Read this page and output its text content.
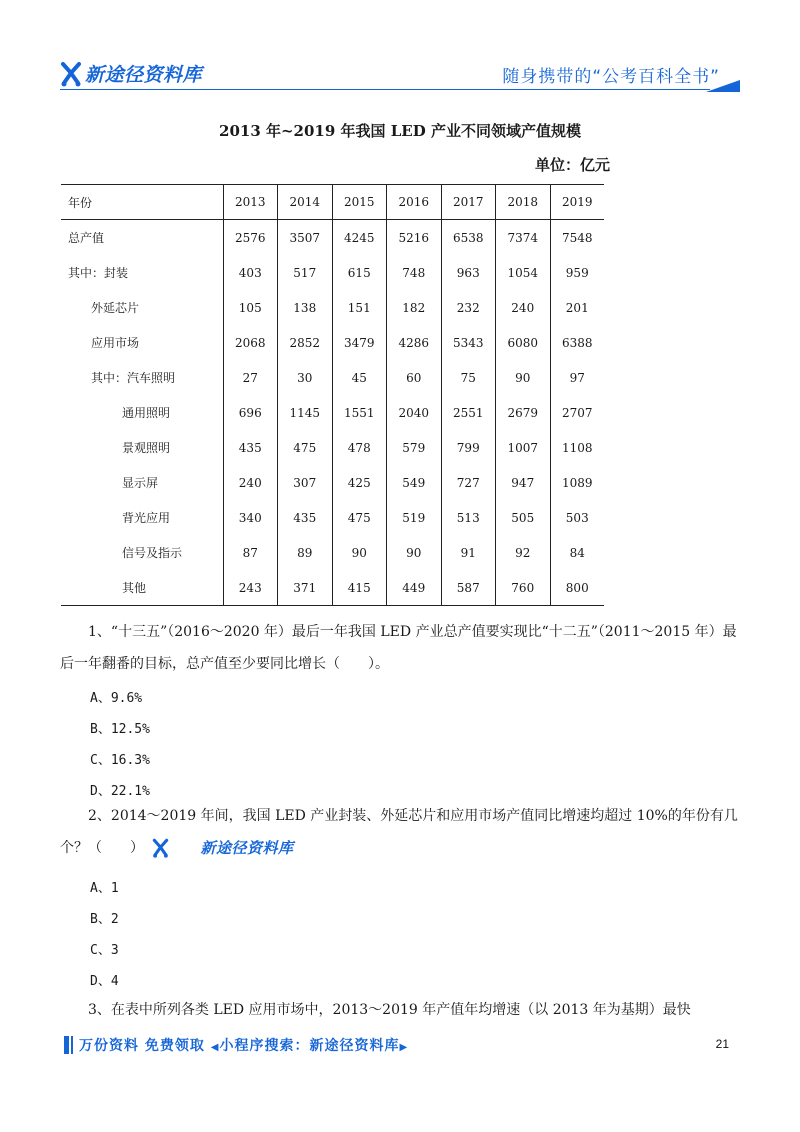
新途径资料库	随身携带的“公考百科全书”
2013 年~2019 年我国 LED 产业不同领域产值规模
单位：亿元
年份	2013	2014	2015	2016	2017	2018	2019
总产值	2576	3507	4245	5216	6538	7374	7548
其中：封装	403	517	615	748	963	1054	959
外延芯片	105	138	151	182	232	240	201
应用市场	2068	2852	3479	4286	5343	6080	6388
其中：汽车照明	27	30	45	60	75	90	97
通用照明	696	1145	1551	2040	2551	2679	2707
景观照明	435	475	478	579	799	1007	1108
显示屏	240	307	425	549	727	947	1089
背光应用	340	435	475	519	513	505	503
信号及指示	87	89	90	90	91	92	84
其他	243	371	415	449	587	760	800
1、“十三五”（2016～2020 年）最后一年我国 LED 产业总产值要实现比“十二五”（2011～2015 年）最后一年翻番的目标，总产值至少要同比增长（　　）。
A、9.6%
B、12.5%
C、16.3%
D、22.1%
2、2014～2019 年间，我国 LED 产业封装、外延芯片和应用市场产值同比增速均超过 10%的年份有几个？（　　）	新途径资料库
A、1
B、2
C、3
D、4
3、在表中所列各类 LED 应用市场中，2013～2019 年产值年均增速（以 2013 年为基期）最快
万份资料 免费领取 ◀小程序搜索：新途径资料库▶	21
